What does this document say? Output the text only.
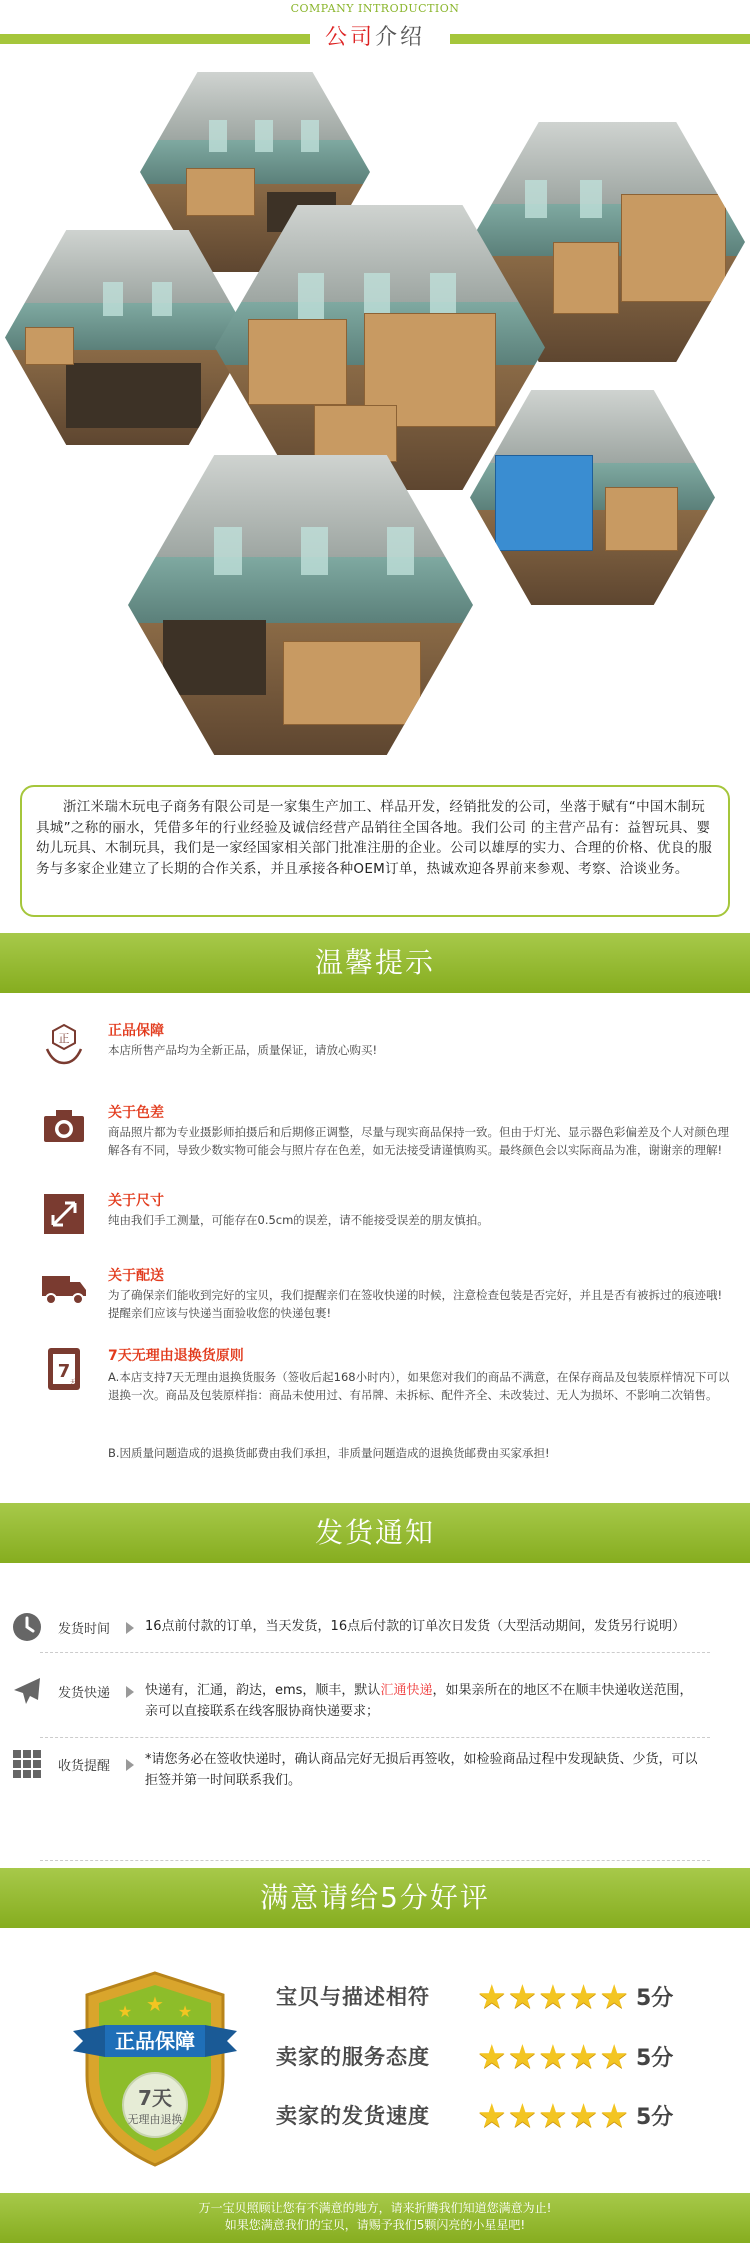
COMPANY INTRODUCTION
公司介绍

浙江米瑞木玩电子商务有限公司是一家集生产加工、样品开发，经销批发的公司，坐落于赋有“中国木制玩具城”之称的丽水，凭借多年的行业经验及诚信经营产品销往全国各地。我们公司 的主营产品有：益智玩具、婴幼儿玩具、木制玩具，我们是一家经国家相关部门批准注册的企业。公司以雄厚的实力、合理的价格、优良的服务与多家企业建立了长期的合作关系，并且承接各种OEM订单，热诚欢迎各界前来参观、考察、洽谈业务。

温馨提示
正	正品保障
本店所售产品均为全新正品，质量保证，请放心购买!
关于色差
商品照片都为专业摄影师拍摄后和后期修正调整，尽量与现实商品保持一致。但由于灯光、显示器色彩偏差及个人对颜色理解各有不同，导致少数实物可能会与照片存在色差，如无法接受请谨慎购买。最终颜色会以实际商品为准，谢谢亲的理解!
关于尺寸
纯由我们手工测量，可能存在0.5cm的误差，请不能接受误差的朋友慎拍。
关于配送
为了确保亲们能收到完好的宝贝，我们提醒亲们在签收快递的时候，注意检查包装是否完好，并且是否有被拆过的痕迹哦! 提醒亲们应该与快递当面验收您的快递包裹!
7
天
7天无理由退换货原则
A.本店支持7天无理由退换货服务（签收后起168小时内），如果您对我们的商品不满意，在保存商品及包装原样情况下可以退换一次。商品及包装原样指：商品未使用过、有吊牌、未拆标、配件齐全、未改装过、无人为损坏、不影响二次销售。
B.因质量问题造成的退换货邮费由我们承担，非质量问题造成的退换货邮费由买家承担!
发货通知
发货时间	16点前付款的订单，当天发货，16点后付款的订单次日发货（大型活动期间，发货另行说明）
发货快递	快递有，汇通，韵达，ems，顺丰，默认汇通快递，如果亲所在的地区不在顺丰快递收送范围，亲可以直接联系在线客服协商快递要求；
收货提醒	*请您务必在签收快递时，确认商品完好无损后再签收，如检验商品过程中发现缺货、少货，可以拒签并第一时间联系我们。
满意请给5分好评
★ ★ ★
正品保障
7天
无理由退换
宝贝与描述相符 ★★★★★ 5分
卖家的服务态度 ★★★★★ 5分
卖家的发货速度 ★★★★★ 5分
万一宝贝照顾让您有不满意的地方，请来折腾我们知道您满意为止!
如果您满意我们的宝贝，请赐予我们5颗闪亮的小星星吧!
